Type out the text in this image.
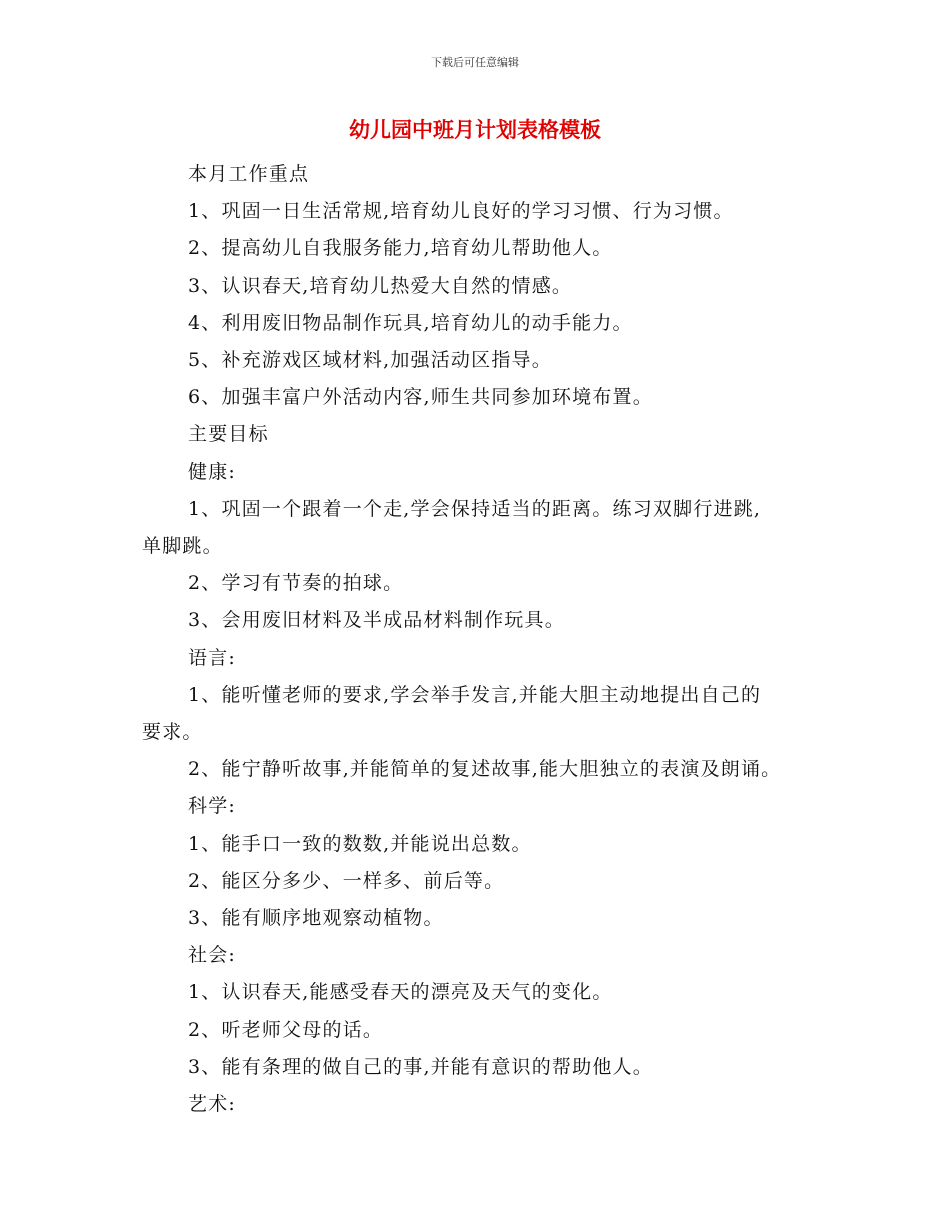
下载后可任意编辑
幼儿园中班月计划表格模板
本月工作重点
1、巩固一日生活常规,培育幼儿良好的学习习惯、行为习惯。
2、提高幼儿自我服务能力,培育幼儿帮助他人。
3、认识春天,培育幼儿热爱大自然的情感。
4、利用废旧物品制作玩具,培育幼儿的动手能力。
5、补充游戏区域材料,加强活动区指导。
6、加强丰富户外活动内容,师生共同参加环境布置。
主要目标
健康:
1、巩固一个跟着一个走,学会保持适当的距离。练习双脚行进跳,
单脚跳。
2、学习有节奏的拍球。
3、会用废旧材料及半成品材料制作玩具。
语言:
1、能听懂老师的要求,学会举手发言,并能大胆主动地提出自己的
要求。
2、能宁静听故事,并能简单的复述故事,能大胆独立的表演及朗诵。
科学:
1、能手口一致的数数,并能说出总数。
2、能区分多少、一样多、前后等。
3、能有顺序地观察动植物。
社会:
1、认识春天,能感受春天的漂亮及天气的变化。
2、听老师父母的话。
3、能有条理的做自己的事,并能有意识的帮助他人。
艺术:
